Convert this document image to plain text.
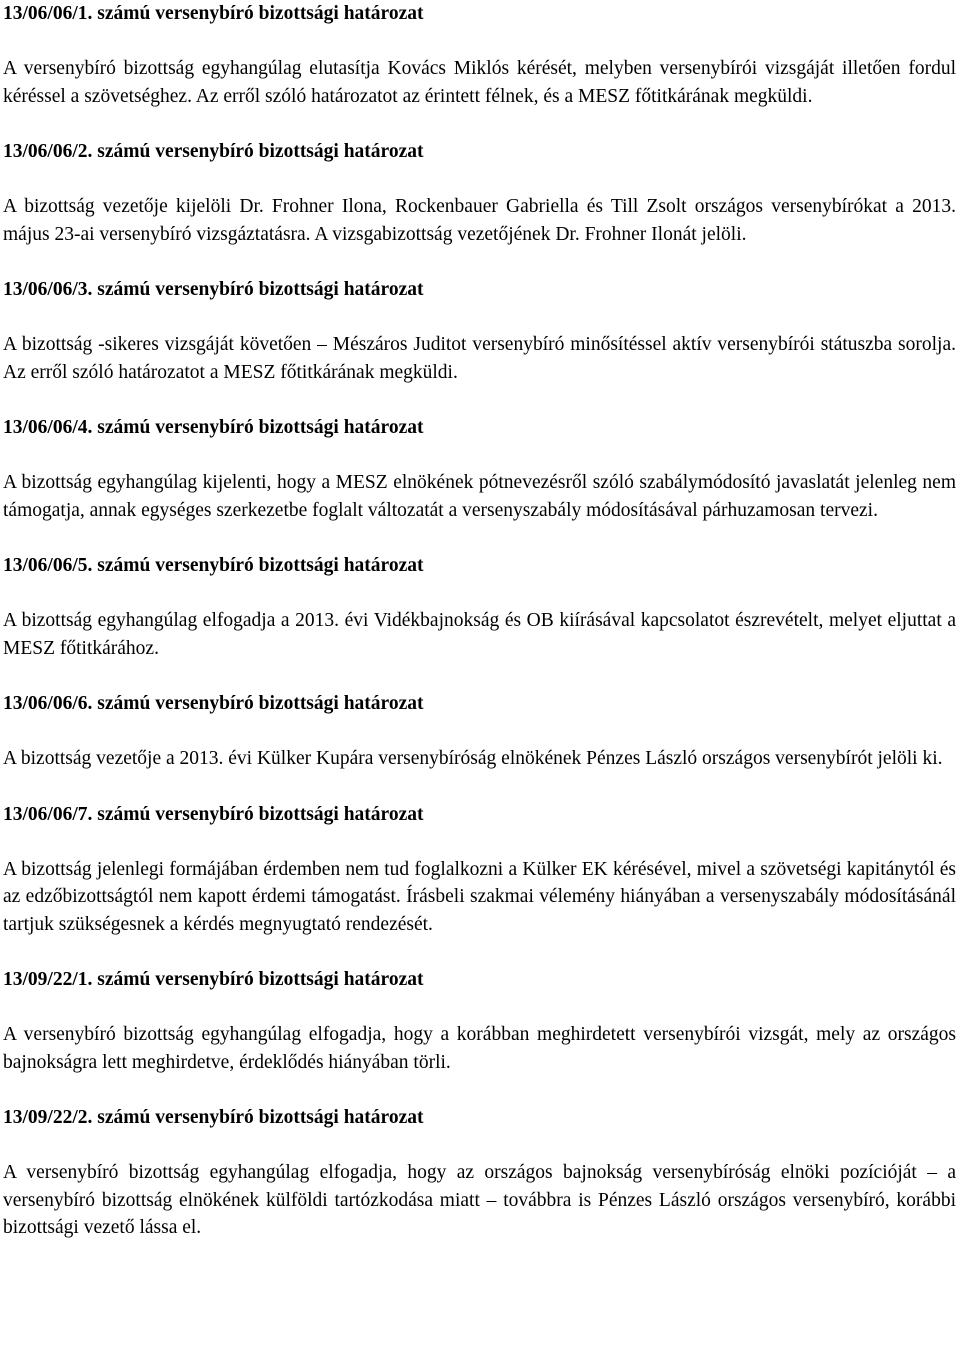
13/06/06/1. számú versenybíró bizottsági határozat

A versenybíró bizottság egyhangúlag elutasítja Kovács Miklós kérését, melyben versenybírói vizsgáját illetően fordul kéréssel a szövetséghez. Az erről szóló határozatot az érintett félnek, és a MESZ főtitkárának megküldi.

13/06/06/2. számú versenybíró bizottsági határozat

A bizottság vezetője kijelöli Dr. Frohner Ilona, Rockenbauer Gabriella és Till Zsolt országos versenybírókat a 2013. május 23-ai versenybíró vizsgáztatásra. A vizsgabizottság vezetőjének Dr. Frohner Ilonát jelöli.

13/06/06/3. számú versenybíró bizottsági határozat

A bizottság -sikeres vizsgáját követően – Mészáros Juditot versenybíró minősítéssel aktív versenybírói státuszba sorolja. Az erről szóló határozatot a MESZ főtitkárának megküldi.

13/06/06/4. számú versenybíró bizottsági határozat

A bizottság egyhangúlag kijelenti, hogy a MESZ elnökének pótnevezésről szóló szabálymódosító javaslatát jelenleg nem támogatja, annak egységes szerkezetbe foglalt változatát a versenyszabály módosításával párhuzamosan tervezi.

13/06/06/5. számú versenybíró bizottsági határozat

A bizottság egyhangúlag elfogadja a 2013. évi Vidékbajnokság és OB kiírásával kapcsolatot észrevételt, melyet eljuttat a MESZ főtitkárához.

13/06/06/6. számú versenybíró bizottsági határozat

A bizottság vezetője a 2013. évi Külker Kupára versenybíróság elnökének Pénzes László országos versenybírót jelöli ki.

13/06/06/7. számú versenybíró bizottsági határozat

A bizottság jelenlegi formájában érdemben nem tud foglalkozni a Külker EK kérésével, mivel a szövetségi kapitánytól és az edzőbizottságtól nem kapott érdemi támogatást. Írásbeli szakmai vélemény hiányában a versenyszabály módosításánál tartjuk szükségesnek a kérdés megnyugtató rendezését.

13/09/22/1. számú versenybíró bizottsági határozat

A versenybíró bizottság egyhangúlag elfogadja, hogy a korábban meghirdetett versenybírói vizsgát, mely az országos bajnokságra lett meghirdetve, érdeklődés hiányában törli.

13/09/22/2. számú versenybíró bizottsági határozat

A versenybíró bizottság egyhangúlag elfogadja, hogy az országos bajnokság versenybíróság elnöki pozícióját – a versenybíró bizottság elnökének külföldi tartózkodása miatt – továbbra is Pénzes László országos versenybíró, korábbi bizottsági vezető lássa el.
